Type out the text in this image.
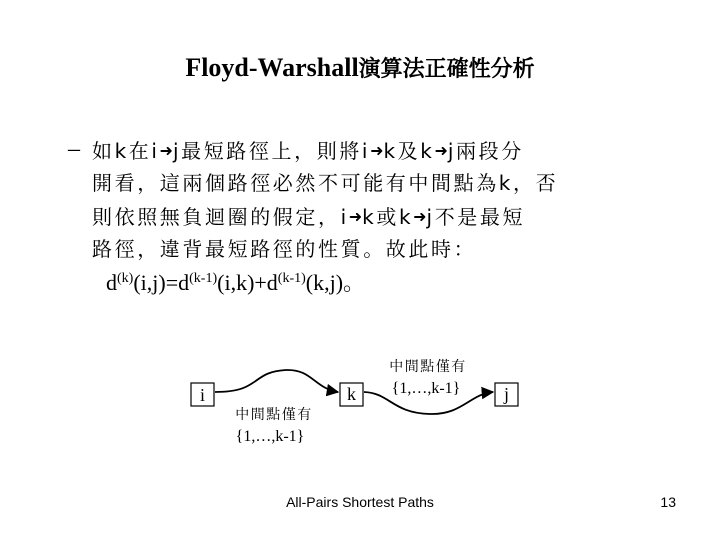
Floyd-Warshall演算法正確性分析
– 如k在i➜j最短路徑上，則將i➜k及k➜j兩段分
開看，這兩個路徑必然不可能有中間點為k，否
則依照無負迴圈的假定，i➜k或k➜j不是最短
路徑，違背最短路徑的性質。故此時：
$d^{(k)}(i,j)=d^{(k-1)}(i,k)+d^{(k-1)}(k,j)$。
i	k	j
中間點僅有
{1,…,k-1}
中間點僅有
{1,…,k-1}
All-Pairs Shortest Paths	13
